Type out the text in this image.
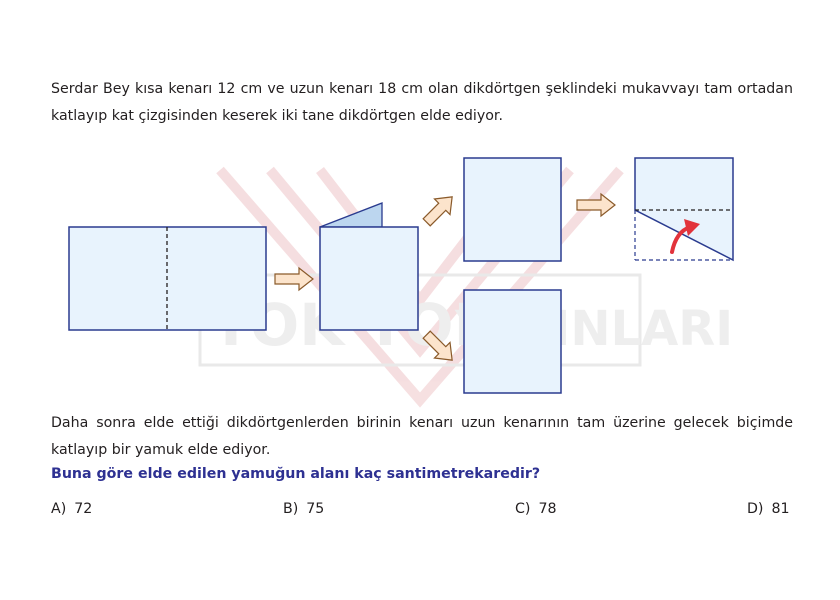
YOK YOK
YAYINLARI

Serdar Bey kısa kenarı 12 cm ve uzun kenarı 18 cm olan dikdörtgen şeklindeki mukavvayı tam ortadan katlayıp kat çizgisinden keserek iki tane dikdörtgen elde ediyor.

Daha sonra elde ettiği dikdörtgenlerden birinin kenarı uzun kenarının tam üzerine gelecek biçimde katlayıp bir yamuk elde ediyor.

Buna göre elde edilen yamuğun alanı kaç santimetrekaredir?

A) 72	B) 75	C) 78	D) 81
